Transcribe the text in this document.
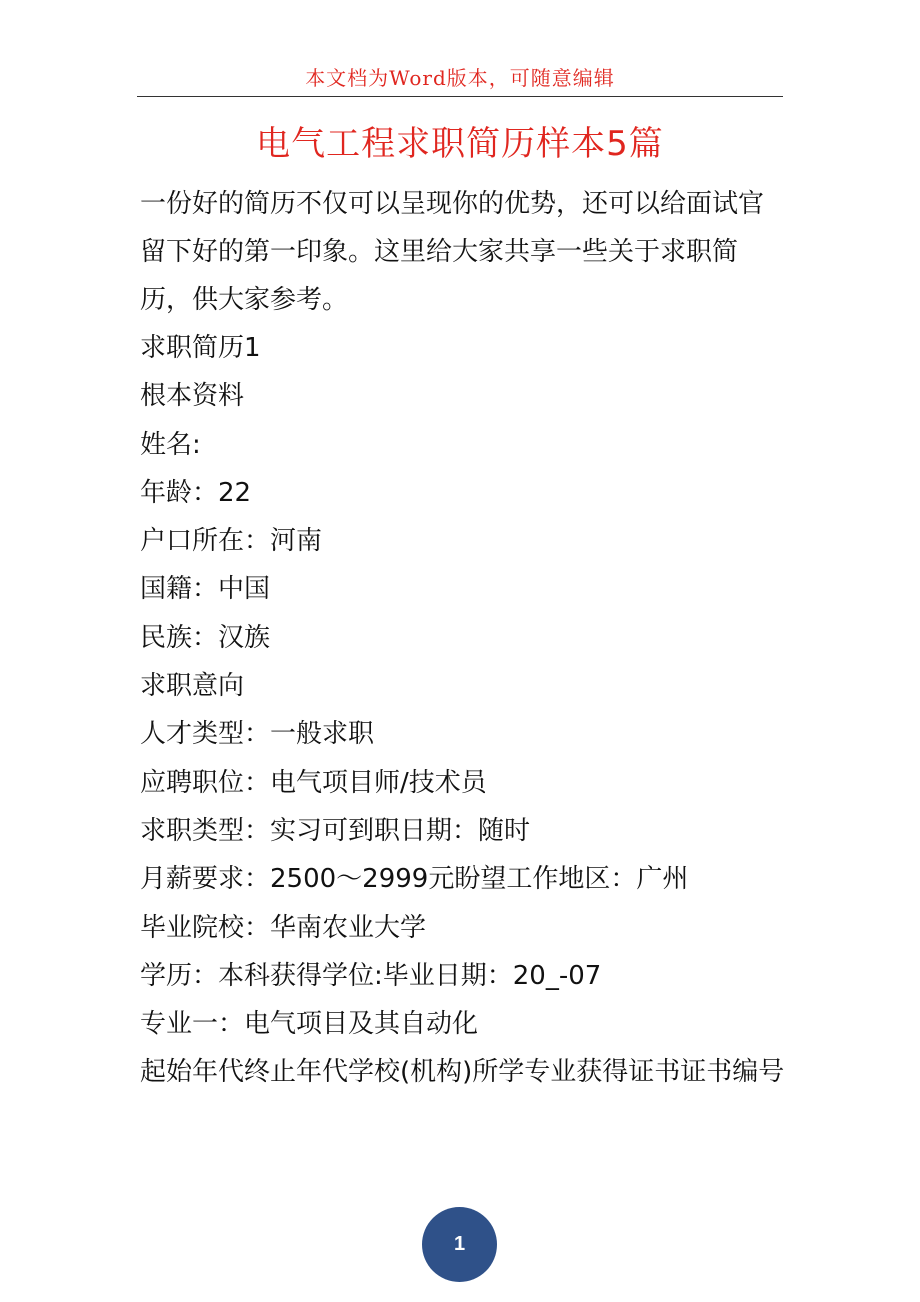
本文档为Word版本，可随意编辑
电气工程求职简历样本5篇

一份好的简历不仅可以呈现你的优势，还可以给面试官留下好的第一印象。这里给大家共享一些关于求职简历，供大家参考。

求职简历1

根本资料

姓名:

年龄：22

户口所在：河南

国籍：中国

民族：汉族

求职意向

人才类型：一般求职

应聘职位：电气项目师/技术员

求职类型：实习可到职日期：随时

月薪要求：2500～2999元盼望工作地区：广州

毕业院校：华南农业大学

学历：本科获得学位:毕业日期：20_-07

专业一：电气项目及其自动化

起始年代终止年代学校(机构)所学专业获得证书证书编号

1
